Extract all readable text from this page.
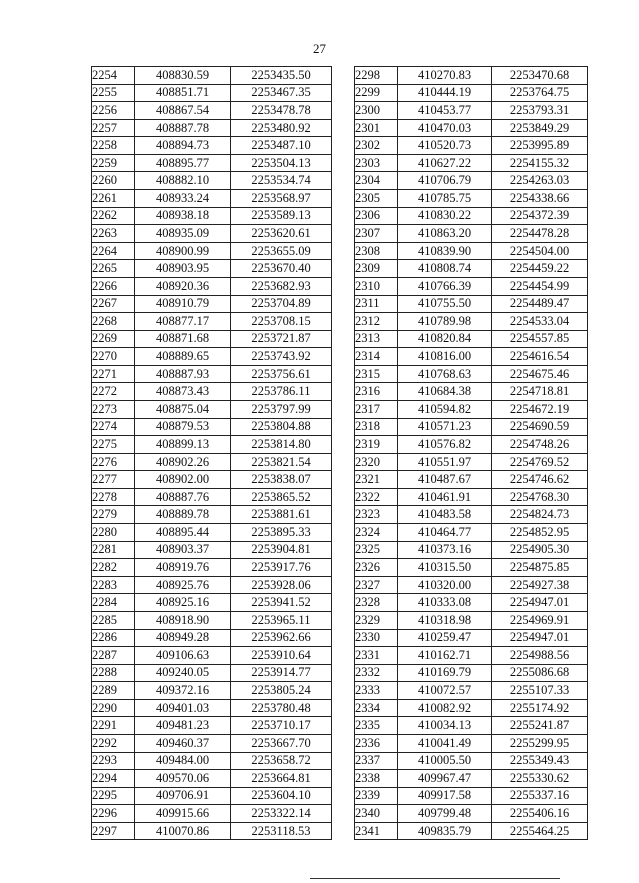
27
2254	408830.59	2253435.50
2255	408851.71	2253467.35
2256	408867.54	2253478.78
2257	408887.78	2253480.92
2258	408894.73	2253487.10
2259	408895.77	2253504.13
2260	408882.10	2253534.74
2261	408933.24	2253568.97
2262	408938.18	2253589.13
2263	408935.09	2253620.61
2264	408900.99	2253655.09
2265	408903.95	2253670.40
2266	408920.36	2253682.93
2267	408910.79	2253704.89
2268	408877.17	2253708.15
2269	408871.68	2253721.87
2270	408889.65	2253743.92
2271	408887.93	2253756.61
2272	408873.43	2253786.11
2273	408875.04	2253797.99
2274	408879.53	2253804.88
2275	408899.13	2253814.80
2276	408902.26	2253821.54
2277	408902.00	2253838.07
2278	408887.76	2253865.52
2279	408889.78	2253881.61
2280	408895.44	2253895.33
2281	408903.37	2253904.81
2282	408919.76	2253917.76
2283	408925.76	2253928.06
2284	408925.16	2253941.52
2285	408918.90	2253965.11
2286	408949.28	2253962.66
2287	409106.63	2253910.64
2288	409240.05	2253914.77
2289	409372.16	2253805.24
2290	409401.03	2253780.48
2291	409481.23	2253710.17
2292	409460.37	2253667.70
2293	409484.00	2253658.72
2294	409570.06	2253664.81
2295	409706.91	2253604.10
2296	409915.66	2253322.14
2297	410070.86	2253118.53
2298	410270.83	2253470.68
2299	410444.19	2253764.75
2300	410453.77	2253793.31
2301	410470.03	2253849.29
2302	410520.73	2253995.89
2303	410627.22	2254155.32
2304	410706.79	2254263.03
2305	410785.75	2254338.66
2306	410830.22	2254372.39
2307	410863.20	2254478.28
2308	410839.90	2254504.00
2309	410808.74	2254459.22
2310	410766.39	2254454.99
2311	410755.50	2254489.47
2312	410789.98	2254533.04
2313	410820.84	2254557.85
2314	410816.00	2254616.54
2315	410768.63	2254675.46
2316	410684.38	2254718.81
2317	410594.82	2254672.19
2318	410571.23	2254690.59
2319	410576.82	2254748.26
2320	410551.97	2254769.52
2321	410487.67	2254746.62
2322	410461.91	2254768.30
2323	410483.58	2254824.73
2324	410464.77	2254852.95
2325	410373.16	2254905.30
2326	410315.50	2254875.85
2327	410320.00	2254927.38
2328	410333.08	2254947.01
2329	410318.98	2254969.91
2330	410259.47	2254947.01
2331	410162.71	2254988.56
2332	410169.79	2255086.68
2333	410072.57	2255107.33
2334	410082.92	2255174.92
2335	410034.13	2255241.87
2336	410041.49	2255299.95
2337	410005.50	2255349.43
2338	409967.47	2255330.62
2339	409917.58	2255337.16
2340	409799.48	2255406.16
2341	409835.79	2255464.25
